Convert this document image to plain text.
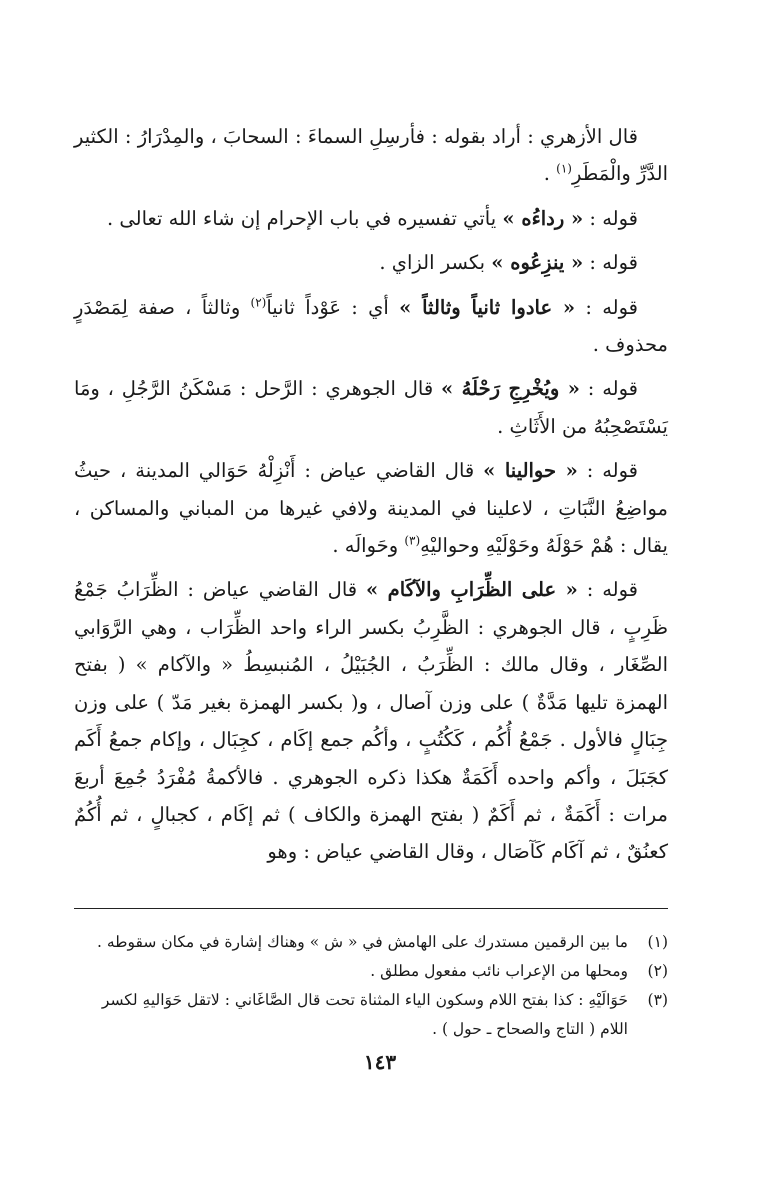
قال الأزهري : أراد بقوله : فأرسِلِ السماءَ : السحابَ ، والمِدْرَارُ : الكثير الدَّرِّ والْمَطَرِ$^{(١)}$ .

قوله : « رداءُه » يأتي تفسيره في باب الإحرام إن شاء الله تعالى .

قوله : « ينزِعُوه » بكسر الزاي .

قوله : « عادوا ثانياً وثالثاً » أي : عَوْداً ثانياً$^{(٢)}$ وثالثاً ، صفة لِمَصْدَرٍ محذوف .

قوله : « ويُخْرِجِ رَحْلَهُ » قال الجوهري : الرَّحل : مَسْكَنُ الرَّجُلِ ، ومَا يَسْتَصْحِبُهُ من الأَثَاثِ .

قوله : « حوالينا » قال القاضي عياض : أَنْزِلْهُ حَوَالي المدينة ، حيثُ مواضِعُ النَّبَاتِ ، لاعلينا في المدينة ولافي غيرها من المباني والمساكن ، يقال : هُمْ حَوْلَهُ وحَوْلَيْهِ وحواليْهِ$^{(٣)}$ وحَوالَه .

قوله : « على الظِّرَابِ والآكَام » قال القاضي عياض : الظِّرَابُ جَمْعُ ظَرِبٍ ، قال الجوهري : الظَّرِبُ بكسر الراء واحد الظِّرَاب ، وهي الرَّوَابي الصِّغَار ، وقال مالك : الظِّرَبُ ، الجُبَيْلُ ، المُنبسِطُ « والآكام » ( بفتح الهمزة تليها مَدَّةٌ ) على وزن آصال ، و( بكسر الهمزة بغير مَدّ ) على وزن جِبَالٍ فالأول . جَمْعُ أُكُم ، كَكُتُبٍ ، وأكُم جمع إكَام ، كجِبَال ، وإكام جمعُ أَكَم كجَبَلَ ، وأكم واحده أَكَمَةٌ هكذا ذكره الجوهري . فالأكمةُ مُفْرَدُ جُمِعَ أربعَ مرات : أَكَمَةٌ ، ثم أَكَمٌ ( بفتح الهمزة والكاف ) ثم إكَام ، كجبالٍ ، ثم أُكُمٌ كعنُقٌ ، ثم آكَام كَآصَال ، وقال القاضي عياض : وهو

(١)
ما بين الرقمين مستدرك على الهامش في « ش » وهناك إشارة في مكان سقوطه .
(٢)
ومحلها من الإعراب نائب مفعول مطلق .
(٣)
حَوَالَيْهِ : كذا بفتح اللام وسكون الياء المثناة تحت قال الصَّاغَاني : لاتقل حَوَاليهِ لكسر اللام ( التاج والصحاح ـ حول ) .
١٤٣
